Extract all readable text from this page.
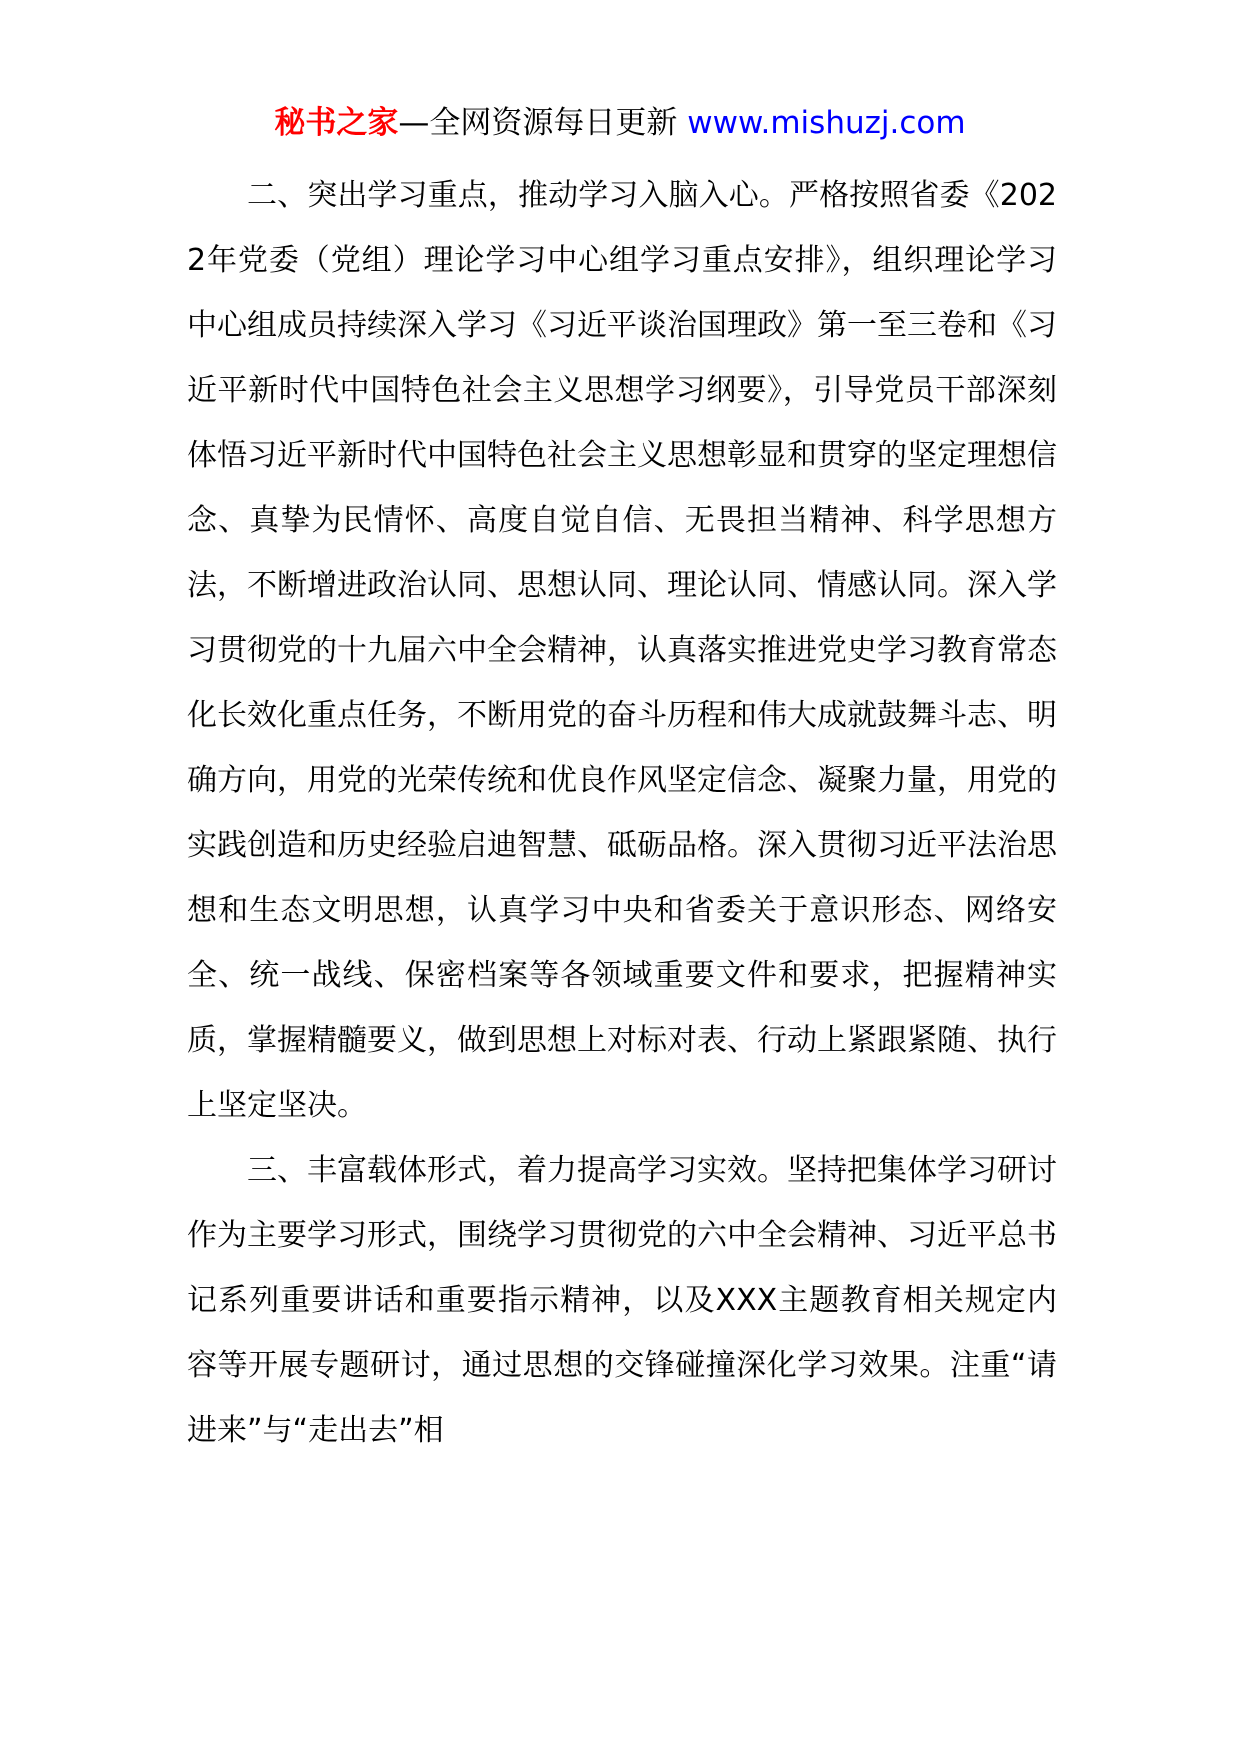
秘书之家—全网资源每日更新 www.mishuzj.com

二、突出学习重点，推动学习入脑入心。严格按照省委《2022年党委（党组）理论学习中心组学习重点安排》，组织理论学习中心组成员持续深入学习《习近平谈治国理政》第一至三卷和《习近平新时代中国特色社会主义思想学习纲要》，引导党员干部深刻体悟习近平新时代中国特色社会主义思想彰显和贯穿的坚定理想信念、真挚为民情怀、高度自觉自信、无畏担当精神、科学思想方法，不断增进政治认同、思想认同、理论认同、情感认同。深入学习贯彻党的十九届六中全会精神，认真落实推进党史学习教育常态化长效化重点任务，不断用党的奋斗历程和伟大成就鼓舞斗志、明确方向，用党的光荣传统和优良作风坚定信念、凝聚力量，用党的实践创造和历史经验启迪智慧、砥砺品格。深入贯彻习近平法治思想和生态文明思想，认真学习中央和省委关于意识形态、网络安全、统一战线、保密档案等各领域重要文件和要求，把握精神实质，掌握精髓要义，做到思想上对标对表、行动上紧跟紧随、执行上坚定坚决。

三、丰富载体形式，着力提高学习实效。坚持把集体学习研讨作为主要学习形式，围绕学习贯彻党的六中全会精神、习近平总书记系列重要讲话和重要指示精神，以及XXX主题教育相关规定内容等开展专题研讨，通过思想的交锋碰撞深化学习效果。注重“请进来”与“走出去”相
